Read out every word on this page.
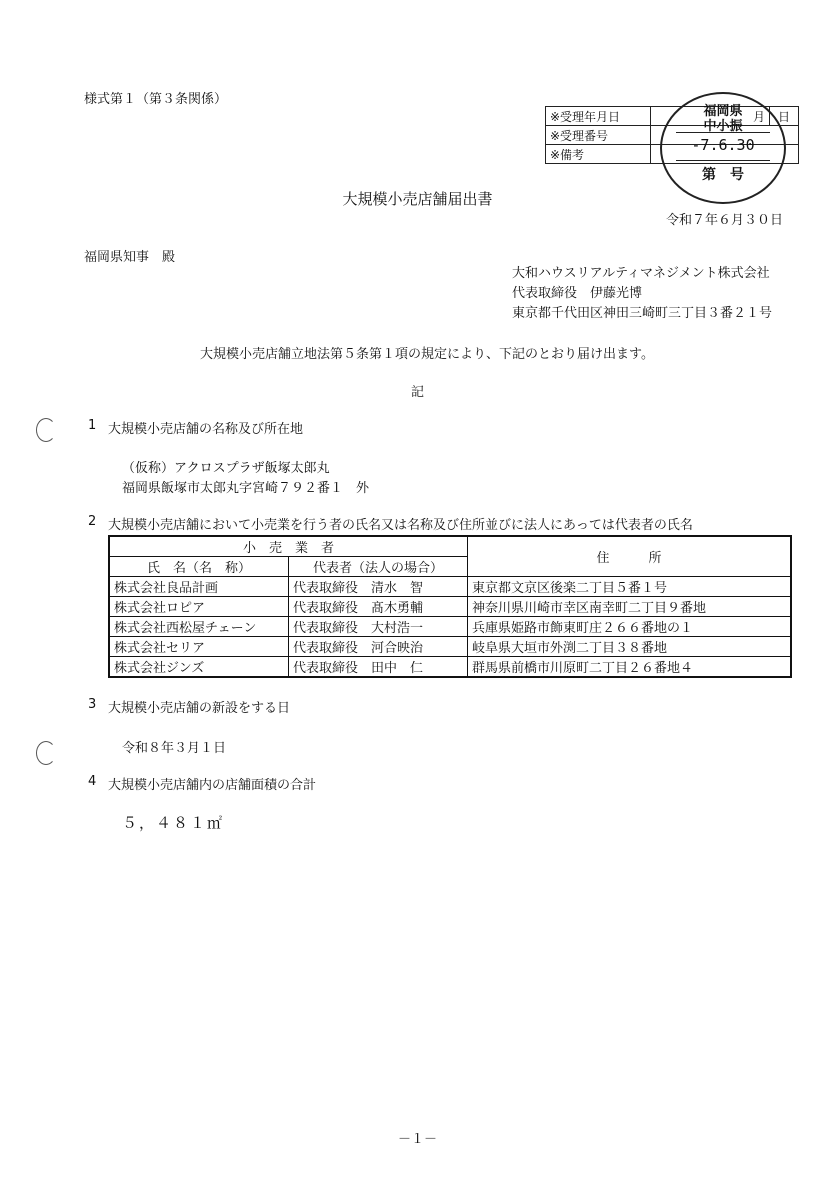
様式第１（第３条関係）
※受理年月日	月	日
※受理番号		
※備考		
福岡県
中小振
-7.6.30
第　号
大規模小売店舗届出書
令和７年６月３０日
福岡県知事　殿
大和ハウスリアルティマネジメント株式会社
代表取締役　伊藤光博
東京都千代田区神田三崎町三丁目３番２１号
大規模小売店舗立地法第５条第１項の規定により、下記のとおり届け出ます。
記
1 大規模小売店舗の名称及び所在地
（仮称）アクロスプラザ飯塚太郎丸
福岡県飯塚市太郎丸字宮崎７９２番１　外
2 大規模小売店舗において小売業を行う者の氏名又は名称及び住所並びに法人にあっては代表者の氏名
小　売　業　者		住　　　所
氏　名（名　称）	代表者（法人の場合）	
株式会社良品計画	代表取締役　清水　智	東京都文京区後楽二丁目５番１号
株式会社ロピア	代表取締役　髙木勇輔	神奈川県川崎市幸区南幸町二丁目９番地
株式会社西松屋チェーン	代表取締役　大村浩一	兵庫県姫路市飾東町庄２６６番地の１
株式会社セリア	代表取締役　河合映治	岐阜県大垣市外渕二丁目３８番地
株式会社ジンズ	代表取締役　田中　仁	群馬県前橋市川原町二丁目２６番地４
3 大規模小売店舗の新設をする日
令和８年３月１日
4 大規模小売店舗内の店舗面積の合計
５，４８１㎡
－１－
